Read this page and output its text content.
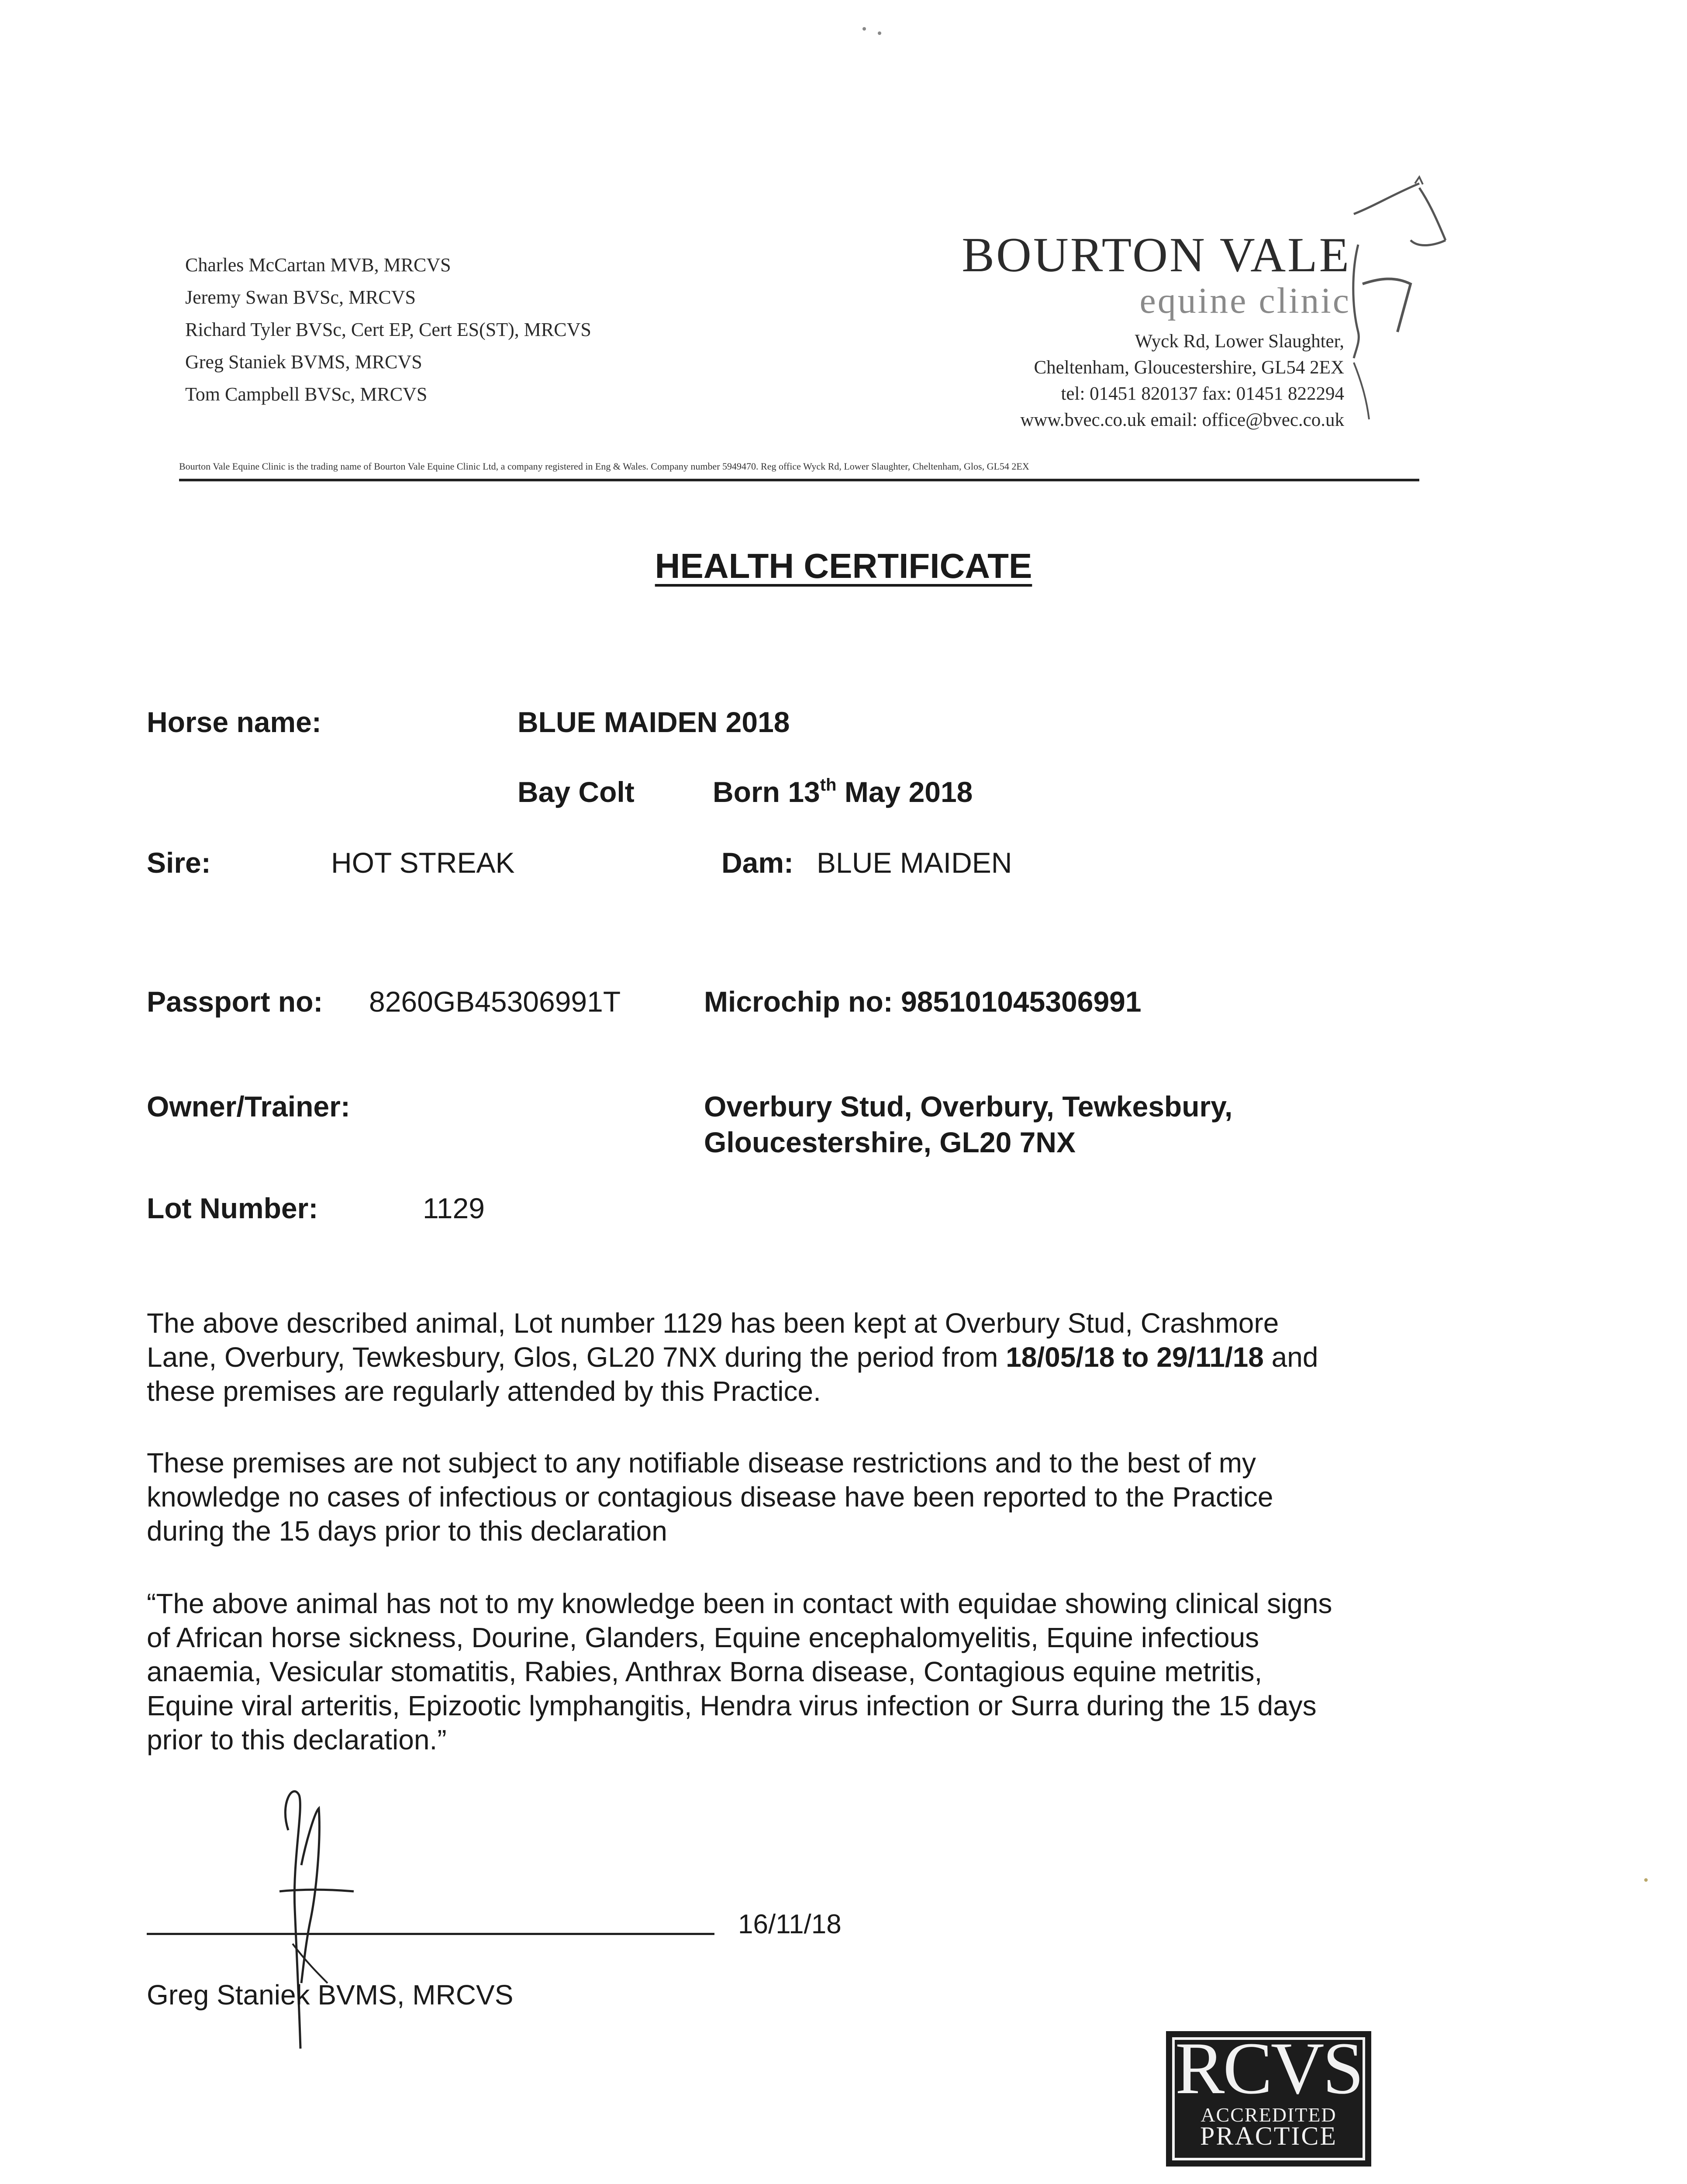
Charles McCartan MVB, MRCVS
Jeremy Swan BVSc, MRCVS
Richard Tyler BVSc, Cert EP, Cert ES(ST), MRCVS
Greg Staniek BVMS, MRCVS
Tom Campbell BVSc, MRCVS
BOURTON VALE
equine clinic
Wyck Rd, Lower Slaughter,
Cheltenham, Gloucestershire, GL54 2EX
tel: 01451 820137 fax: 01451 822294
www.bvec.co.uk email: office@bvec.co.uk
Bourton Vale Equine Clinic is the trading name of Bourton Vale Equine Clinic Ltd, a company registered in Eng & Wales. Company number 5949470. Reg office Wyck Rd, Lower Slaughter, Cheltenham, Glos, GL54 2EX
HEALTH CERTIFICATE
Horse name:	BLUE MAIDEN 2018
Bay Colt	Born 13th May 2018
Sire:	HOT STREAK	Dam: BLUE MAIDEN
Passport no: 8260GB45306991T	Microchip no: 985101045306991
Owner/Trainer:	Overbury Stud, Overbury, Tewkesbury,
Gloucestershire, GL20 7NX
Lot Number:	1129
The above described animal, Lot number 1129 has been kept at Overbury Stud, Crashmore
Lane, Overbury, Tewkesbury, Glos, GL20 7NX during the period from 18/05/18 to 29/11/18 and
these premises are regularly attended by this Practice.
These premises are not subject to any notifiable disease restrictions and to the best of my
knowledge no cases of infectious or contagious disease have been reported to the Practice
during the 15 days prior to this declaration
“The above animal has not to my knowledge been in contact with equidae showing clinical signs
of African horse sickness, Dourine, Glanders, Equine encephalomyelitis, Equine infectious
anaemia, Vesicular stomatitis, Rabies, Anthrax Borna disease, Contagious equine metritis,
Equine viral arteritis, Epizootic lymphangitis, Hendra virus infection or Surra during the 15 days
prior to this declaration.”
16/11/18
Greg Staniek BVMS, MRCVS
RCVS
ACCREDITED
PRACTICE
